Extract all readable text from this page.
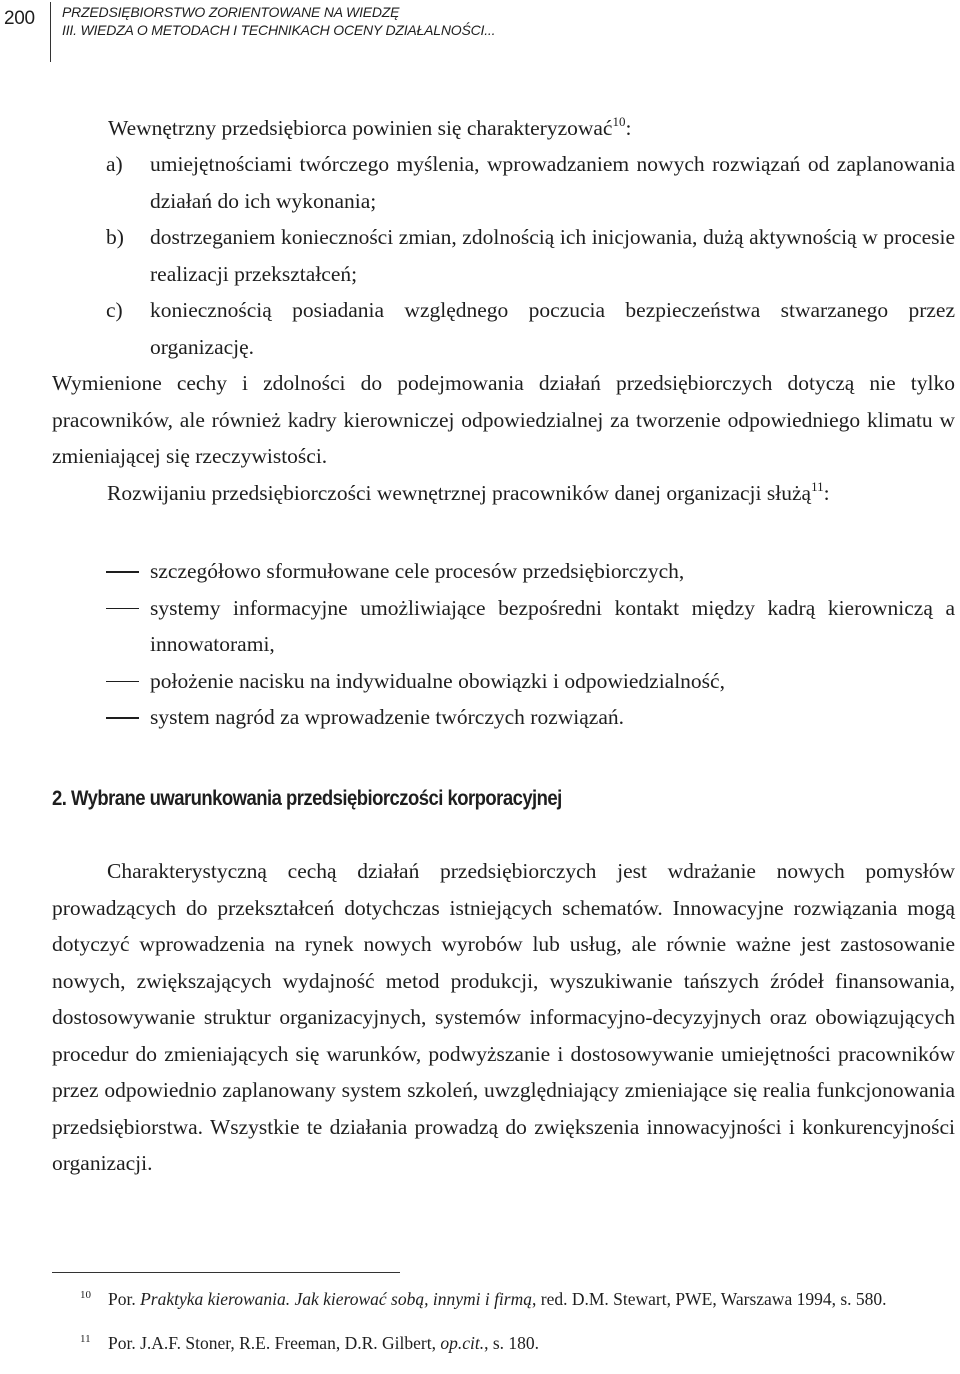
200 PRZEDSIĘBIORSTWO ZORIENTOWANE NA WIEDZĘ
III. WIEDZA O METODACH I TECHNIKACH OCENY DZIAŁALNOŚCI...
Wewnętrzny przedsiębiorca powinien się charakteryzować$^{10}$:
a) umiejętnościami twórczego myślenia, wprowadzaniem nowych rozwiązań od zaplanowania działań do ich wykonania;
b) dostrzeganiem konieczności zmian, zdolnością ich inicjowania, dużą aktywnością w procesie realizacji przekształceń;
c) koniecznością posiadania względnego poczucia bezpieczeństwa stwarzanego przez organizację.

Wymienione cechy i zdolności do podejmowania działań przedsiębiorczych dotyczą nie tylko pracowników, ale również kadry kierowniczej odpowiedzialnej za tworzenie odpowiedniego klimatu w zmieniającej się rzeczywistości.

Rozwijaniu przedsiębiorczości wewnętrznej pracowników danej organizacji służą$^{11}$:

szczegółowo sformułowane cele procesów przedsiębiorczych,
systemy informacyjne umożliwiające bezpośredni kontakt między kadrą kierowniczą a innowatorami,
położenie nacisku na indywidualne obowiązki i odpowiedzialność,
system nagród za wprowadzenie twórczych rozwiązań.
2. Wybrane uwarunkowania przedsiębiorczości korporacyjnej

Charakterystyczną cechą działań przedsiębiorczych jest wdrażanie nowych pomysłów prowadzących do przekształceń dotychczas istniejących schematów. Innowacyjne rozwiązania mogą dotyczyć wprowadzenia na rynek nowych wyrobów lub usług, ale równie ważne jest zastosowanie nowych, zwiększających wydajność metod produkcji, wyszukiwanie tańszych źródeł finansowania, dostosowywanie struktur organizacyjnych, systemów informacyjno-decyzyjnych oraz obowiązujących procedur do zmieniających się warunków, podwyższanie i dostosowywanie umiejętności pracowników przez odpowiednio zaplanowany system szkoleń, uwzględniający zmieniające się realia funkcjonowania przedsiębiorstwa. Wszystkie te działania prowadzą do zwiększenia innowacyjności i konkurencyjności organizacji.

10 Por. Praktyka kierowania. Jak kierować sobą, innymi i firmą, red. D.M. Stewart, PWE, Warszawa 1994, s. 580.

11 Por. J.A.F. Stoner, R.E. Freeman, D.R. Gilbert, op.cit., s. 180.
